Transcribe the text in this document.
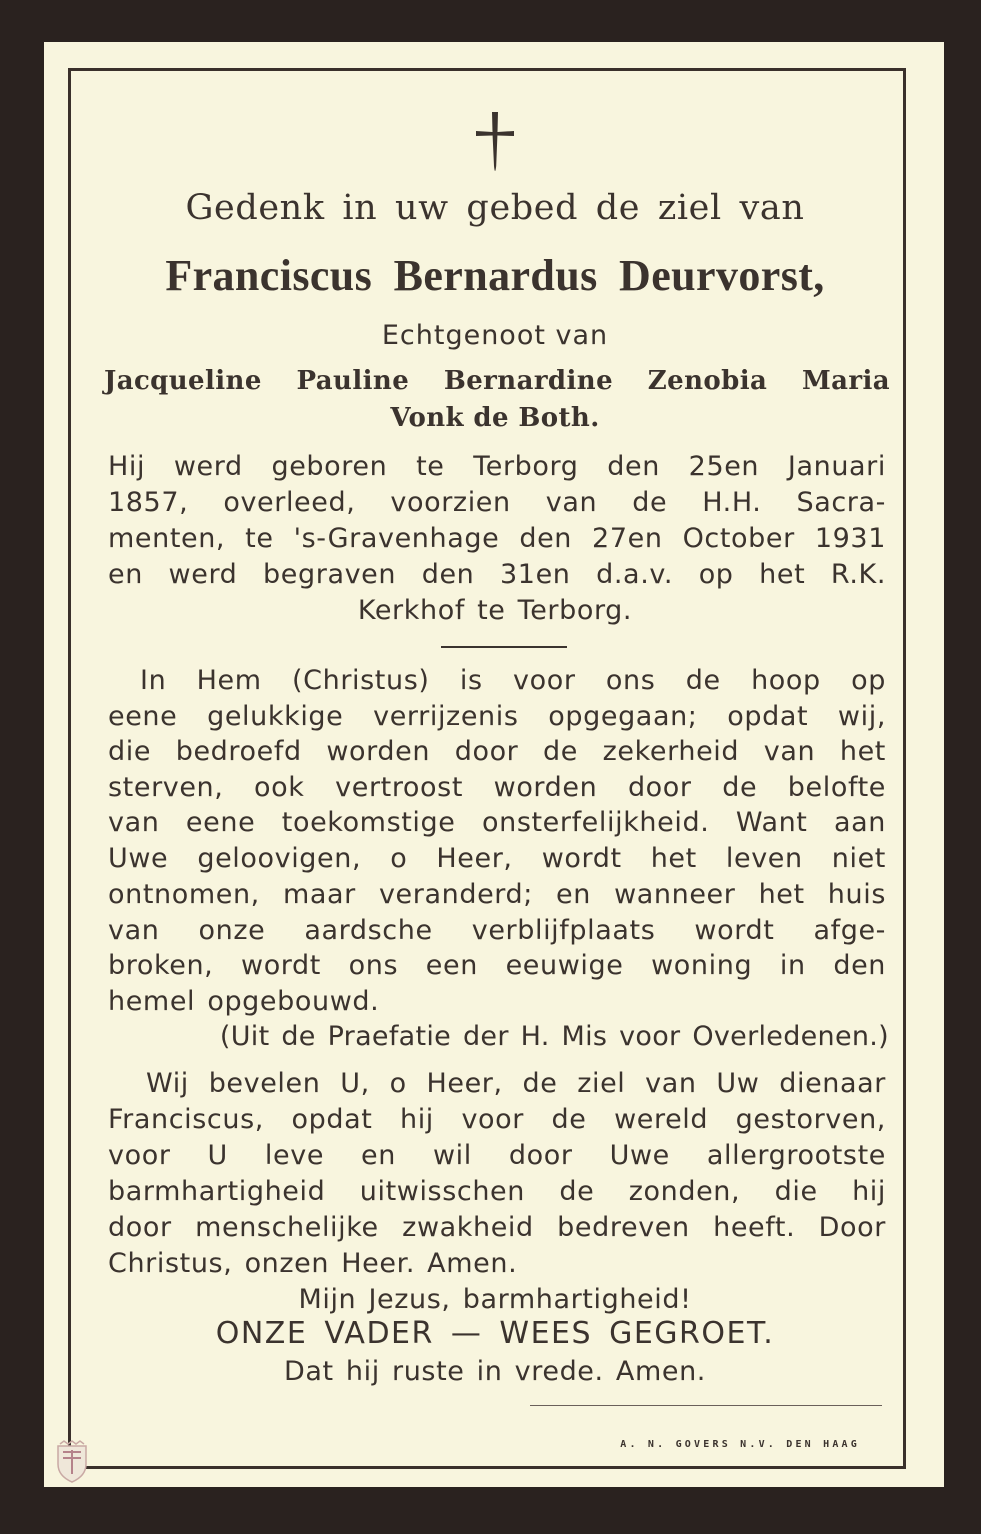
Gedenk in uw gebed de ziel van

Franciscus Bernardus Deurvorst,

Echtgenoot van

Jacqueline Pauline Bernardine Zenobia Maria

Vonk de Both.

Hij werd geboren te Terborg den 25en Januari

1857, overleed, voorzien van de H.H. Sacra-

menten, te 's-Gravenhage den 27en October 1931

en werd begraven den 31en d.a.v. op het R.K.

Kerkhof te Terborg.

In Hem (Christus) is voor ons de hoop op

eene gelukkige verrijzenis opgegaan; opdat wij,

die bedroefd worden door de zekerheid van het

sterven, ook vertroost worden door de belofte

van eene toekomstige onsterfelijkheid. Want aan

Uwe geloovigen, o Heer, wordt het leven niet

ontnomen, maar veranderd; en wanneer het huis

van onze aardsche verblijfplaats wordt afge-

broken, wordt ons een eeuwige woning in den

hemel opgebouwd.

(Uit de Praefatie der H. Mis voor Overledenen.)

Wij bevelen U, o Heer, de ziel van Uw dienaar

Franciscus, opdat hij voor de wereld gestorven,

voor U leve en wil door Uwe allergrootste

barmhartigheid uitwisschen de zonden, die hij

door menschelijke zwakheid bedreven heeft. Door

Christus, onzen Heer. Amen.

Mijn Jezus, barmhartigheid!

ONZE VADER — WEES GEGROET.

Dat hij ruste in vrede. Amen.

A. N. GOVERS N.V. DEN HAAG
